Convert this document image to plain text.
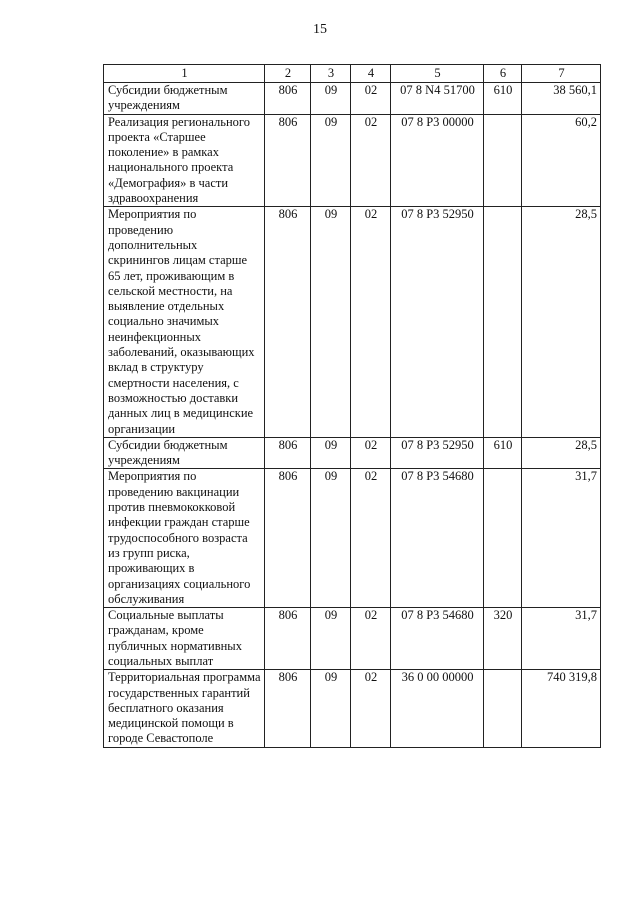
15
1	2	3	4	5	6	7
Субсидии бюджетным учреждениям	806	09	02	07 8 N4 51700	610	38 560,1
Реализация регионального проекта «Старшее поколение» в рамках национального проекта «Демография» в части здравоохранения	806	09	02	07 8 P3 00000		60,2
Мероприятия по проведению дополнительных скринингов лицам старше 65 лет, проживающим в сельской местности, на выявление отдельных социально значимых неинфекционных заболеваний, оказывающих вклад в структуру смертности населения, с возможностью доставки данных лиц в медицинские организации	806	09	02	07 8 P3 52950		28,5
Субсидии бюджетным учреждениям	806	09	02	07 8 P3 52950	610	28,5
Мероприятия по проведению вакцинации против пневмококковой инфекции граждан старше трудоспособного возраста из групп риска, проживающих в организациях социального обслуживания	806	09	02	07 8 P3 54680		31,7
Социальные выплаты гражданам, кроме публичных нормативных социальных выплат	806	09	02	07 8 P3 54680	320	31,7
Территориальная программа государственных гарантий бесплатного оказания медицинской помощи в городе Севастополе	806	09	02	36 0 00 00000		740 319,8
